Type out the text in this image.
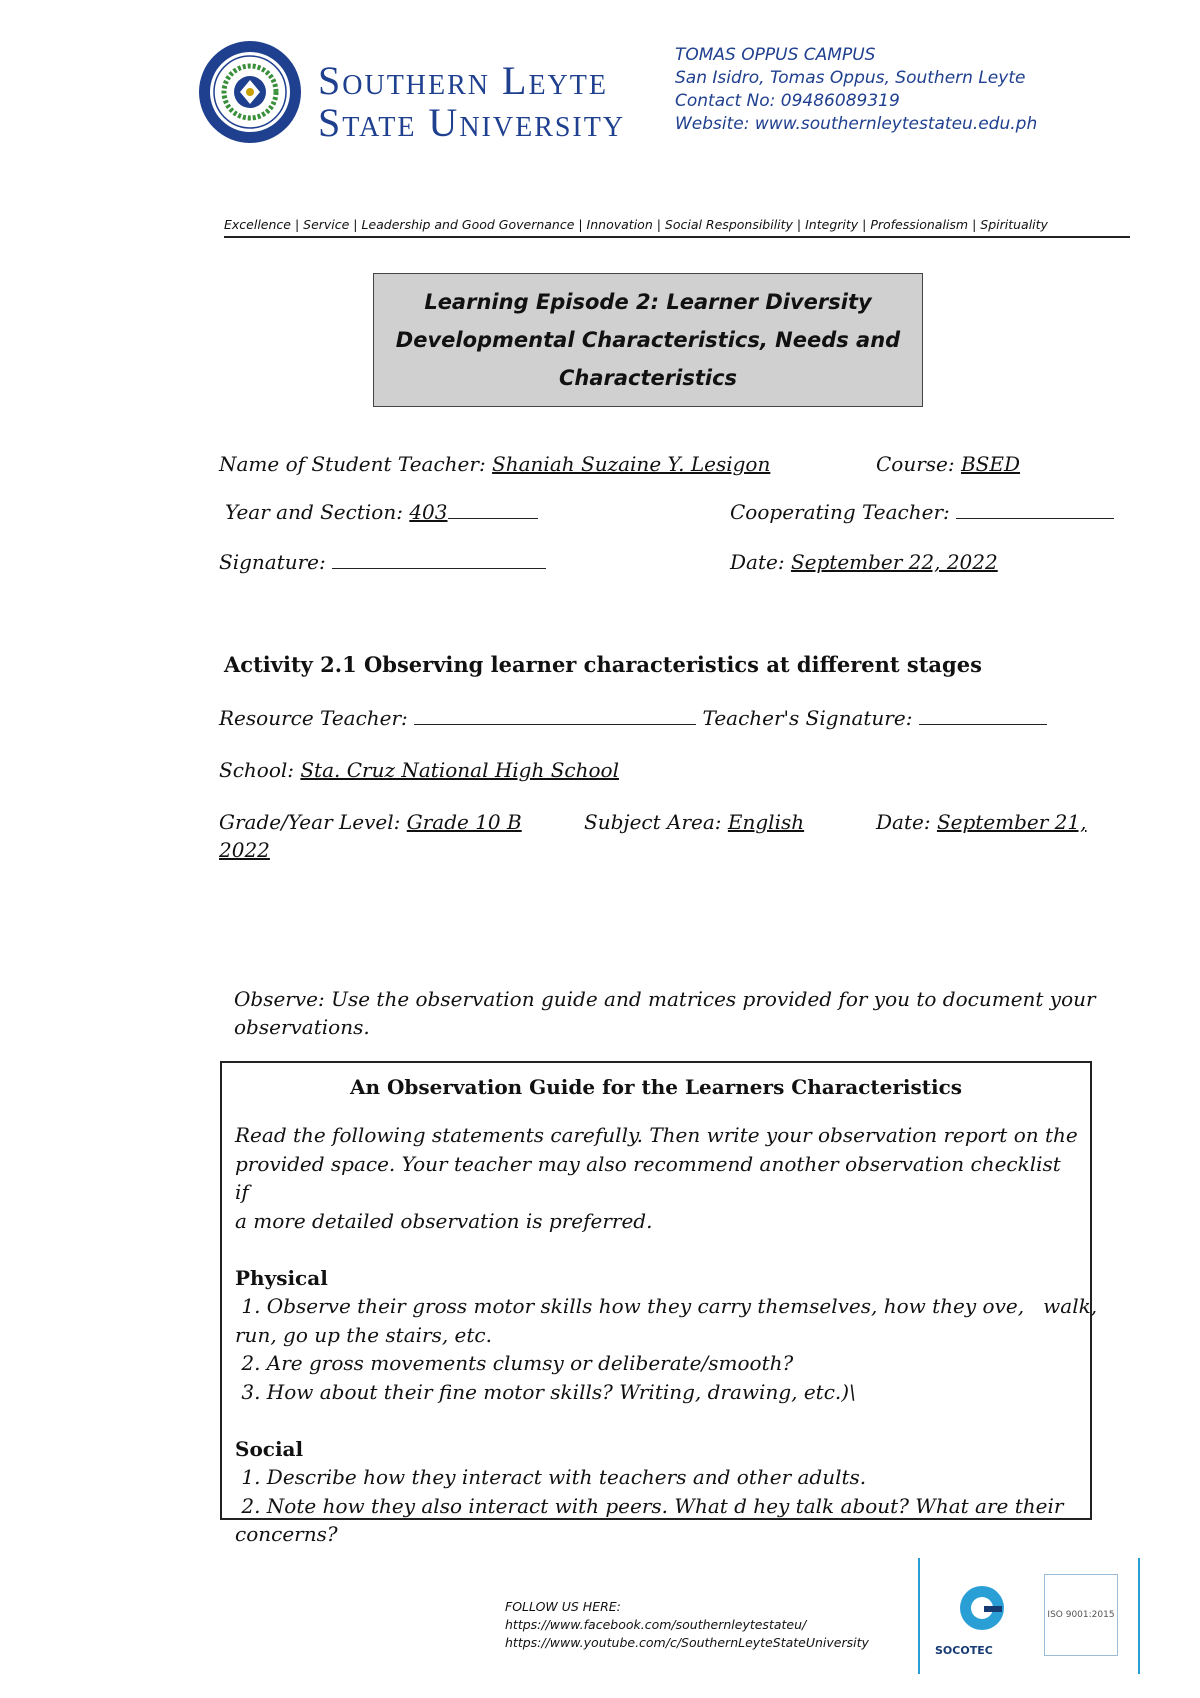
Southern Leyte
State University
TOMAS OPPUS CAMPUS
San Isidro, Tomas Oppus, Southern Leyte
Contact No: 09486089319
Website: www.southernleytestateu.edu.ph
Excellence | Service | Leadership and Good Governance | Innovation | Social Responsibility | Integrity | Professionalism | Spirituality
Learning Episode 2: Learner Diversity
Developmental Characteristics, Needs and
Characteristics
Name of Student Teacher: Shaniah Suzaine Y. Lesigon	Course: BSED
Year and Section: 403	Cooperating Teacher:
Signature:	Date: September 22, 2022
Activity 2.1 Observing learner characteristics at different stages
Resource Teacher:	Teacher's Signature:
School: Sta. Cruz National High School
Grade/Year Level: Grade 10 B	Subject Area: English	Date: September 21,
2022
Observe: Use the observation guide and matrices provided for you to document your
observations.
An Observation Guide for the Learners Characteristics
Read the following statements carefully. Then write your observation report on the
provided space. Your teacher may also recommend another observation checklist if
a more detailed observation is preferred.
Physical
1. Observe their gross motor skills how they carry themselves, how they ove,   walk,
run, go up the stairs, etc.
2. Are gross movements clumsy or deliberate/smooth?
3. How about their fine motor skills? Writing, drawing, etc.)\
Social
1. Describe how they interact with teachers and other adults.
2. Note how they also interact with peers. What d hey talk about? What are their
concerns?
FOLLOW US HERE:
https://www.facebook.com/southernleytestateu/
https://www.youtube.com/c/SouthernLeyteStateUniversity
ISO 9001:2015
SOCOTEC
